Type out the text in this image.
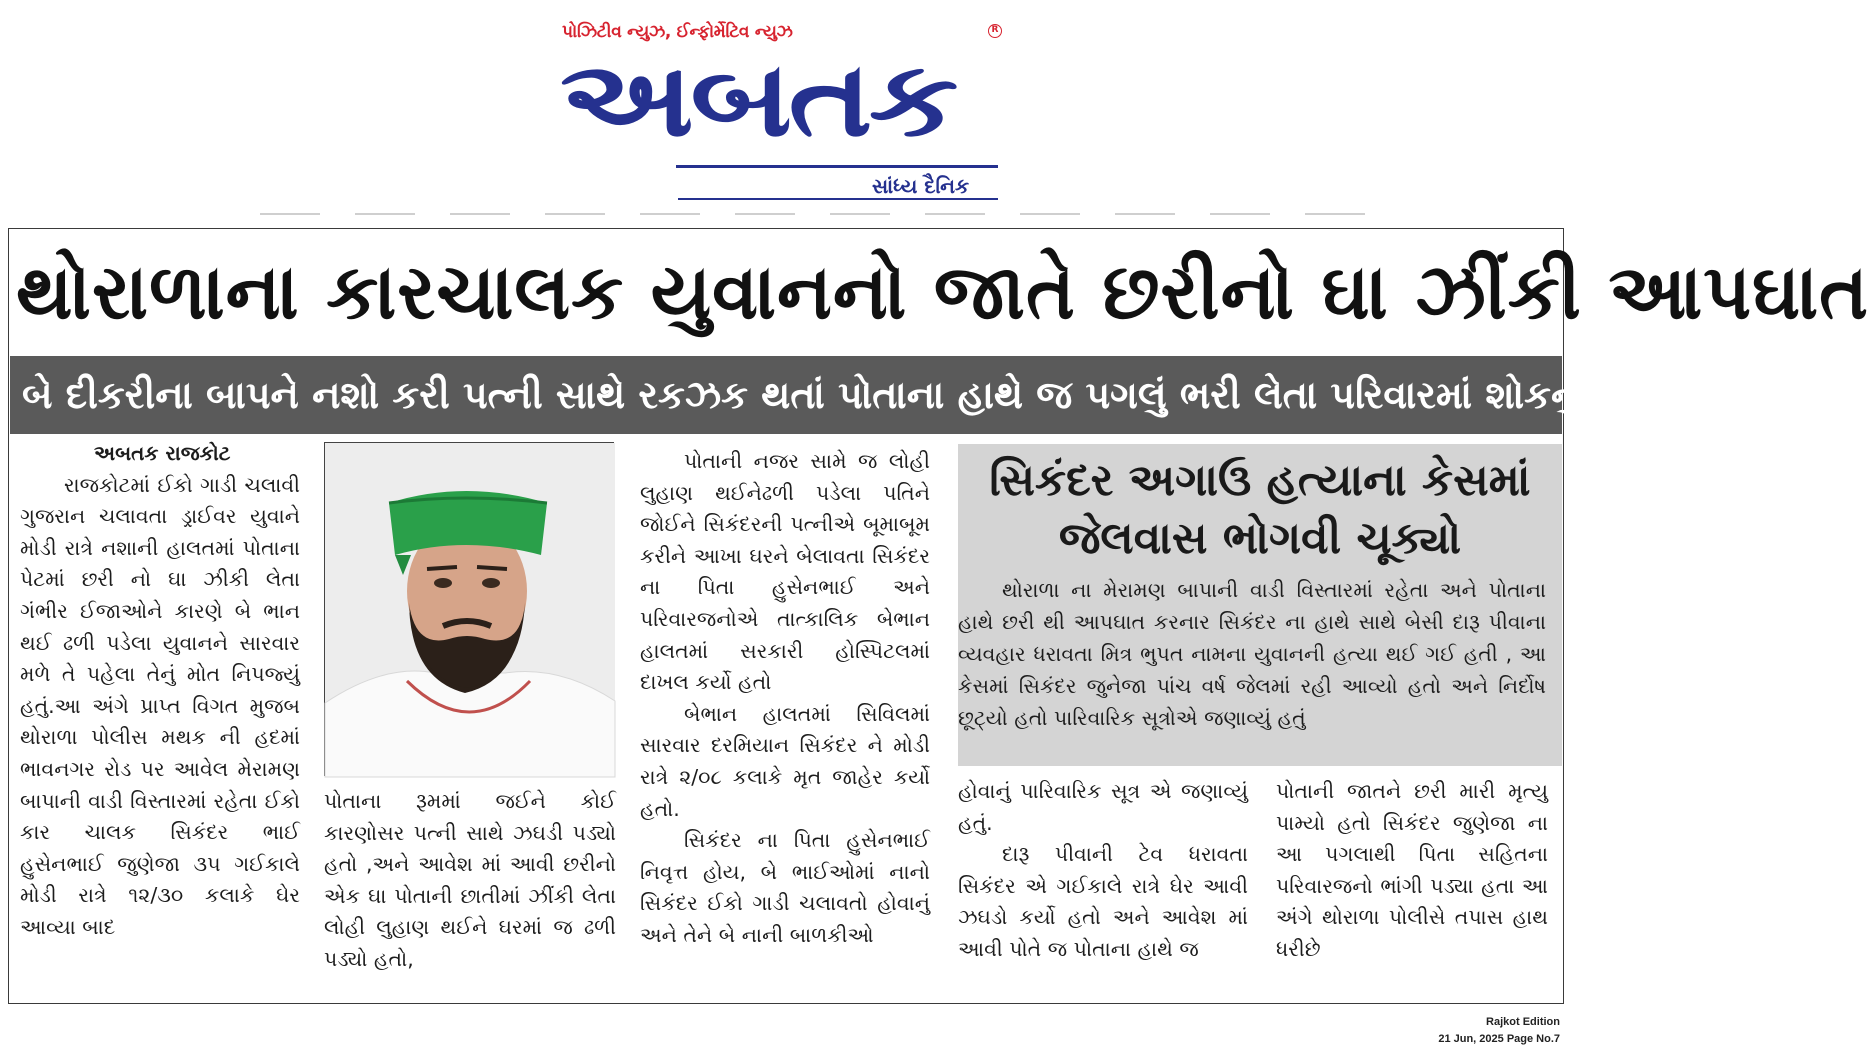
પોઝિટીવ ન્યુઝ, ઈન્ફોર્મેટિવ ન્યુઝ	R
અબતક
સાંધ્ય દૈનિક
થોરાળાના કારચાલક યુવાનનો જાતે છરીનો ઘા ઝીંકી આપઘાત
બે દીકરીના બાપને નશો કરી પત્ની સાથે રકઝક થતાં પોતાના હાથે જ પગલું ભરી લેતા પરિવારમાં શોકનું મોજુ ફેલાયું

અબતક રાજકોટ

રાજકોટમાં ઈકો ગાડી ચલાવી ગુજરાન ચલાવતા ડ્રાઈવર યુવાને મોડી રાત્રે નશાની હાલતમાં પોતાના પેટમાં છરી નો ઘા ઝીકી લેતા ગંભીર ઈજાઓને કારણે બે ભાન થઈ ઢળી પડેલા યુવાનને સારવાર મળે તે પહેલા તેનું મોત નિપજ્યું હતું.આ અંગે પ્રાપ્ત વિગત મુજબ થોરાળા પોલીસ મથક ની હદમાં ભાવનગર રોડ પર આવેલ મેરામણ બાપાની વાડી વિસ્તારમાં રહેતા ઈકો કાર ચાલક સિકંદર ભાઈ હુસેનભાઈ જુણેજા ૩૫ ગઈકાલે મોડી રાત્રે ૧૨/૩૦ કલાકે ઘેર આવ્યા બાદ

પોતાના રૂમમાં જઈને કોઈ કારણોસર પત્ની સાથે ઝઘડી પડ્યો હતો ,અને આવેશ માં આવી છરીનો એક ઘા પોતાની છાતીમાં ઝીંકી લેતા લોહી લુહાણ થઈને ઘરમાં જ ઢળી પડ્યો હતો,

પોતાની નજર સામે જ લોહી લુહાણ થઈનેઢળી પડેલા પતિને જોઈને સિકંદરની પત્નીએ બૂમાબૂમ કરીને આખા ઘરને બેલાવતા સિકંદર ના પિતા હુસેનભાઈ અને પરિવારજનોએ તાત્કાલિક બેભાન હાલતમાં સરકારી હોસ્પિટલમાં દાખલ કર્યો હતો

બેભાન હાલતમાં સિવિલમાં સારવાર દરમિયાન સિકંદર ને મોડી રાત્રે ૨/૦૮ કલાકે મૃત જાહેર કર્યો હતો.

સિકંદર ના પિતા હુસેનભાઈ નિવૃત્ત હોય, બે ભાઈઓમાં નાનો સિકંદર ઈકો ગાડી ચલાવતો હોવાનું અને તેને બે નાની બાળકીઓ

સિકંદર અગાઉ હત્યાના કેસમાં
જેલવાસ ભોગવી ચૂક્યો

થોરાળા ના મેરામણ બાપાની વાડી વિસ્તારમાં રહેતા અને પોતાના હાથે છરી થી આપઘાત કરનાર સિકંદર ના હાથે સાથે બેસી દારૂ પીવાના વ્યવહાર ધરાવતા મિત્ર ભુપત નામના યુવાનની હત્યા થઈ ગઈ હતી , આ કેસમાં સિકંદર જુનેજા પાંચ વર્ષ જેલમાં રહી આવ્યો હતો અને નિર્દોષ છૂટ્યો હતો પારિવારિક સૂત્રોએ જણાવ્યું હતું

હોવાનું પારિવારિક સૂત્ર એ જણાવ્યું હતું.

દારૂ પીવાની ટેવ ધરાવતા સિકંદર એ ગઈકાલે રાત્રે ઘેર આવી ઝઘડો કર્યો હતો અને આવેશ માં આવી પોતે જ પોતાના હાથે જ

પોતાની જાતને છરી મારી મૃત્યુ પામ્યો હતો સિકંદર જુણેજા ના આ પગલાથી પિતા સહિતના પરિવારજનો ભાંગી પડ્યા હતા આ અંગે થોરાળા પોલીસે તપાસ હાથ ધરીછે

Rajkot Edition
21 Jun, 2025 Page No.7
